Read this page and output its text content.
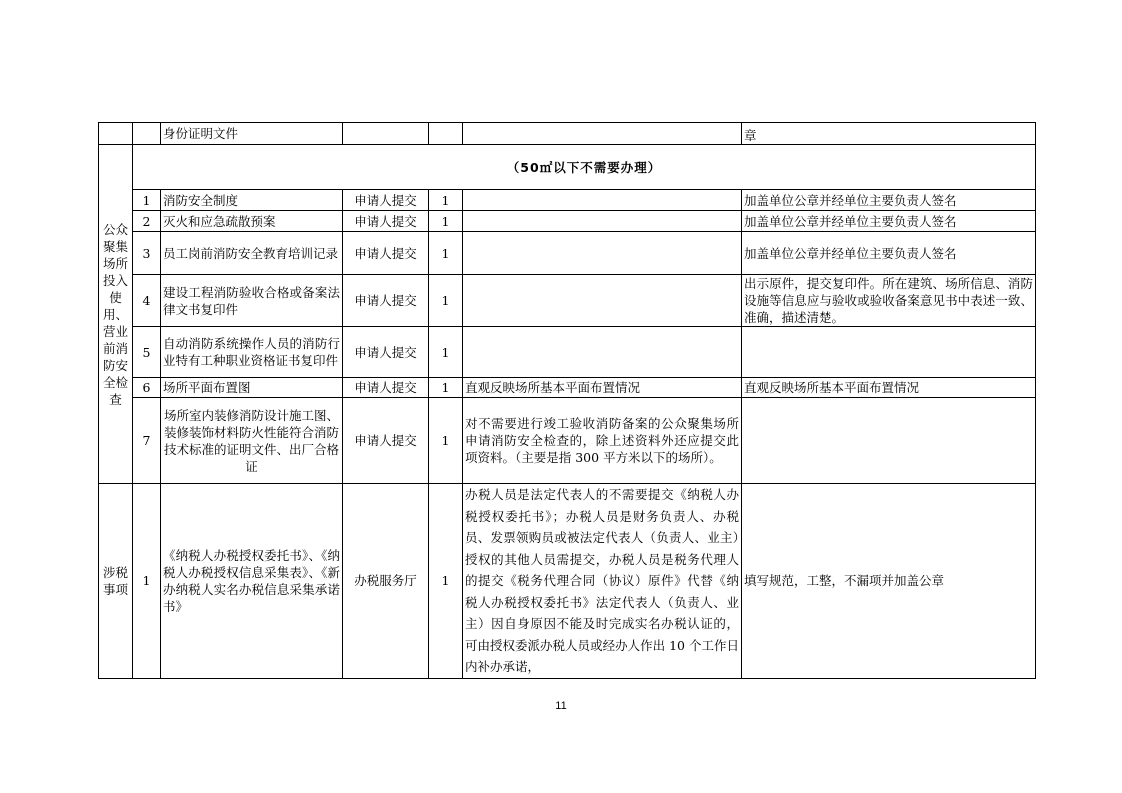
		身份证明文件				章
公众聚集场所投入使用、营业前消防安全检查	（50㎡以下不需要办理）					
	1	消防安全制度	申请人提交	1		加盖单位公章并经单位主要负责人签名
	2	灭火和应急疏散预案	申请人提交	1		加盖单位公章并经单位主要负责人签名
	3	员工岗前消防安全教育培训记录	申请人提交	1		加盖单位公章并经单位主要负责人签名
	4	建设工程消防验收合格或备案法律文书复印件	申请人提交	1		出示原件，提交复印件。所在建筑、场所信息、消防设施等信息应与验收或验收备案意见书中表述一致、准确，描述清楚。
	5	自动消防系统操作人员的消防行业特有工种职业资格证书复印件	申请人提交	1		
	6	场所平面布置图	申请人提交	1	直观反映场所基本平面布置情况	直观反映场所基本平面布置情况
	7	场所室内装修消防设计施工图、装修装饰材料防火性能符合消防技术标准的证明文件、出厂合格证	申请人提交	1	对不需要进行竣工验收消防备案的公众聚集场所申请消防安全检查的，除上述资料外还应提交此项资料。（主要是指 300 平方米以下的场所）。	
涉税事项	1	《纳税人办税授权委托书》、《纳税人办税授权信息采集表》、《新办纳税人实名办税信息采集承诺书》	办税服务厅	1	办税人员是法定代表人的不需要提交《纳税人办税授权委托书》；办税人员是财务负责人、办税员、发票领购员或被法定代表人（负责人、业主）授权的其他人员需提交，办税人员是税务代理人的提交《税务代理合同（协议）原件》代替《纳税人办税授权委托书》法定代表人（负责人、业主）因自身原因不能及时完成实名办税认证的，可由授权委派办税人员或经办人作出 10 个工作日内补办承诺，	填写规范，工整，不漏项并加盖公章
11
